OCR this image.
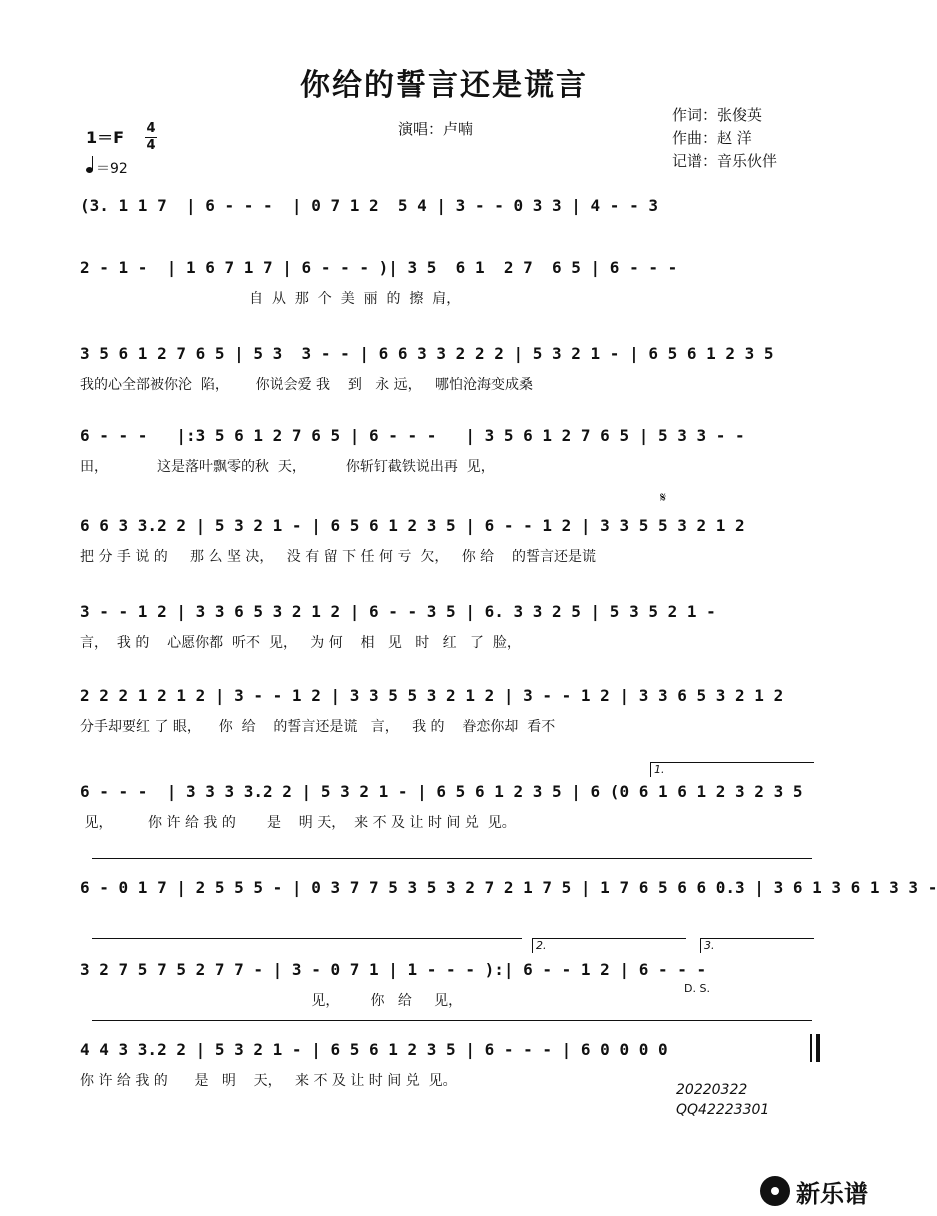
你给的誓言还是谎言
演唱：卢喃
作词：张俊英
作曲：赵 洋
记谱：音乐伙伴
1＝F 4
4
＝92
(3. 1 1 7  | 6 - - -  | 0 7 1 2  5 4 | 3 - - 0 3 3 | 4 - - 3
2 - 1 -  | 1 6 7 1 7 | 6 - - - )| 3 5  6 1  2 7  6 5 | 6 - - -
自  从  那  个  美  丽  的  擦  肩，
3 5 6 1 2 7 6 5 | 5 3  3 - - | 6 6 3 3 2 2 2 | 5 3 2 1 - | 6 5 6 1 2 3 5
我的心全部被你沦  陷，      你说会爱 我    到   永 远，   哪怕沧海变成桑
6 - - -   |:3 5 6 1 2 7 6 5 | 6 - - -   | 3 5 6 1 2 7 6 5 | 5 3 3 - -
田，           这是落叶飘零的秋  天，         你斩钉截铁说出再  见，
𝄋
6 6 3 3.2 2 | 5 3 2 1 - | 6 5 6 1 2 3 5 | 6 - - 1 2 | 3 3 5 5 3 2 1 2
把 分 手 说 的     那 么 坚 决，   没 有 留 下 任 何 亏  欠，   你 给    的誓言还是谎
3 - - 1 2 | 3 3 6 5 3 2 1 2 | 6 - - 3 5 | 6. 3 3 2 5 | 5 3 5 2 1 -
言，  我 的    心愿你都  听不  见，   为 何    相   见   时   红   了  脸，
2 2 2 1 2 1 2 | 3 - - 1 2 | 3 3 5 5 3 2 1 2 | 3 - - 1 2 | 3 3 6 5 3 2 1 2
分手却要红 了 眼，    你  给    的誓言还是谎   言，   我 的    眷恋你却  看不
1.
6 - - -  | 3 3 3 3.2 2 | 5 3 2 1 - | 6 5 6 1 2 3 5 | 6 (0 6 1 6 1 2 3 2 3 5
见，        你 许 给 我 的       是    明 天，  来 不 及 让 时 间 兑  见。
6 - 0 1 7 | 2 5 5 5 - | 0 3 7 7 5 3 5 3 2 7 2 1 7 5 | 1 7 6 5 6 6 0.3 | 3 6 1 3 6 1 3 3 -
2.	3.
3 2 7 5 7 5 2 7 7 - | 3 - 0 7 1 | 1 - - - ):| 6 - - 1 2 | 6 - - -
见，       你   给     见，
D. S.
4 4 3 3.2 2 | 5 3 2 1 - | 6 5 6 1 2 3 5 | 6 - - - | 6 0 0 0 0
你 许 给 我 的      是   明    天，   来 不 及 让 时 间 兑  见。
20220322
QQ42223301
新乐谱
